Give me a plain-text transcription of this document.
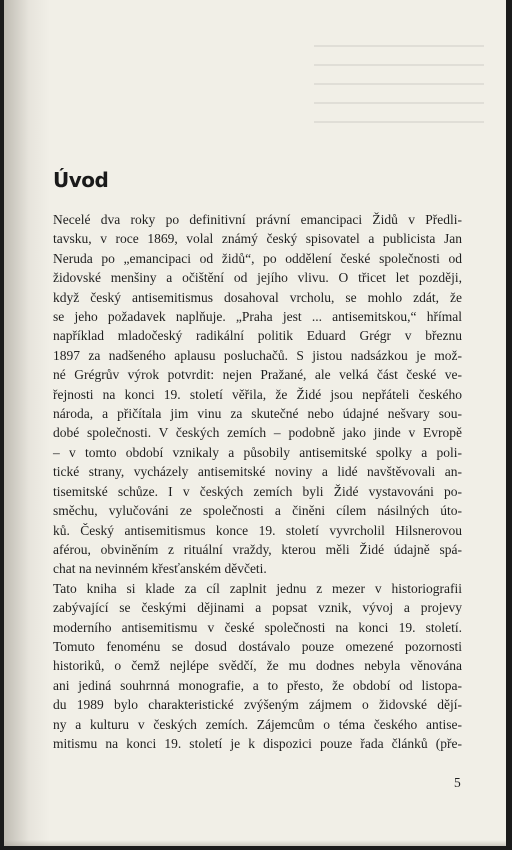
Úvod
Necelé dva roky po definitivní právní emancipaci Židů v Předli-
tavsku, v roce 1869, volal známý český spisovatel a publicista Jan
Neruda po „emancipaci od židů“, po oddělení české společnosti od
židovské menšiny a očištění od jejího vlivu. O třicet let později,
když český antisemitismus dosahoval vrcholu, se mohlo zdát, že
se jeho požadavek naplňuje. „Praha jest ... antisemitskou,“ hřímal
například mladočeský radikální politik Eduard Grégr v březnu
1897 za nadšeného aplausu posluchačů. S jistou nadsázkou je mož-
né Grégrův výrok potvrdit: nejen Pražané, ale velká část české ve-
řejnosti na konci 19. století věřila, že Židé jsou nepřáteli českého
národa, a přičítala jim vinu za skutečné nebo údajné nešvary sou-
dobé společnosti. V českých zemích – podobně jako jinde v Evropě
– v tomto období vznikaly a působily antisemitské spolky a poli-
tické strany, vycházely antisemitské noviny a lidé navštěvovali an-
tisemitské schůze. I v českých zemích byli Židé vystavováni po-
směchu, vylučováni ze společnosti a činěni cílem násilných úto-
ků. Český antisemitismus konce 19. století vyvrcholil Hilsnerovou
aférou, obviněním z rituální vraždy, kterou měli Židé údajně spá-
chat na nevinném křesťanském děvčeti.
Tato kniha si klade za cíl zaplnit jednu z mezer v historiografii
zabývající se českými dějinami a popsat vznik, vývoj a projevy
moderního antisemitismu v české společnosti na konci 19. století.
Tomuto fenoménu se dosud dostávalo pouze omezené pozornosti
historiků, o čemž nejlépe svědčí, že mu dodnes nebyla věnována
ani jediná souhrnná monografie, a to přesto, že období od listopa-
du 1989 bylo charakteristické zvýšeným zájmem o židovské dějí-
ny a kulturu v českých zemích. Zájemcům o téma českého antise-
mitismu na konci 19. století je k dispozici pouze řada článků (pře-
5
